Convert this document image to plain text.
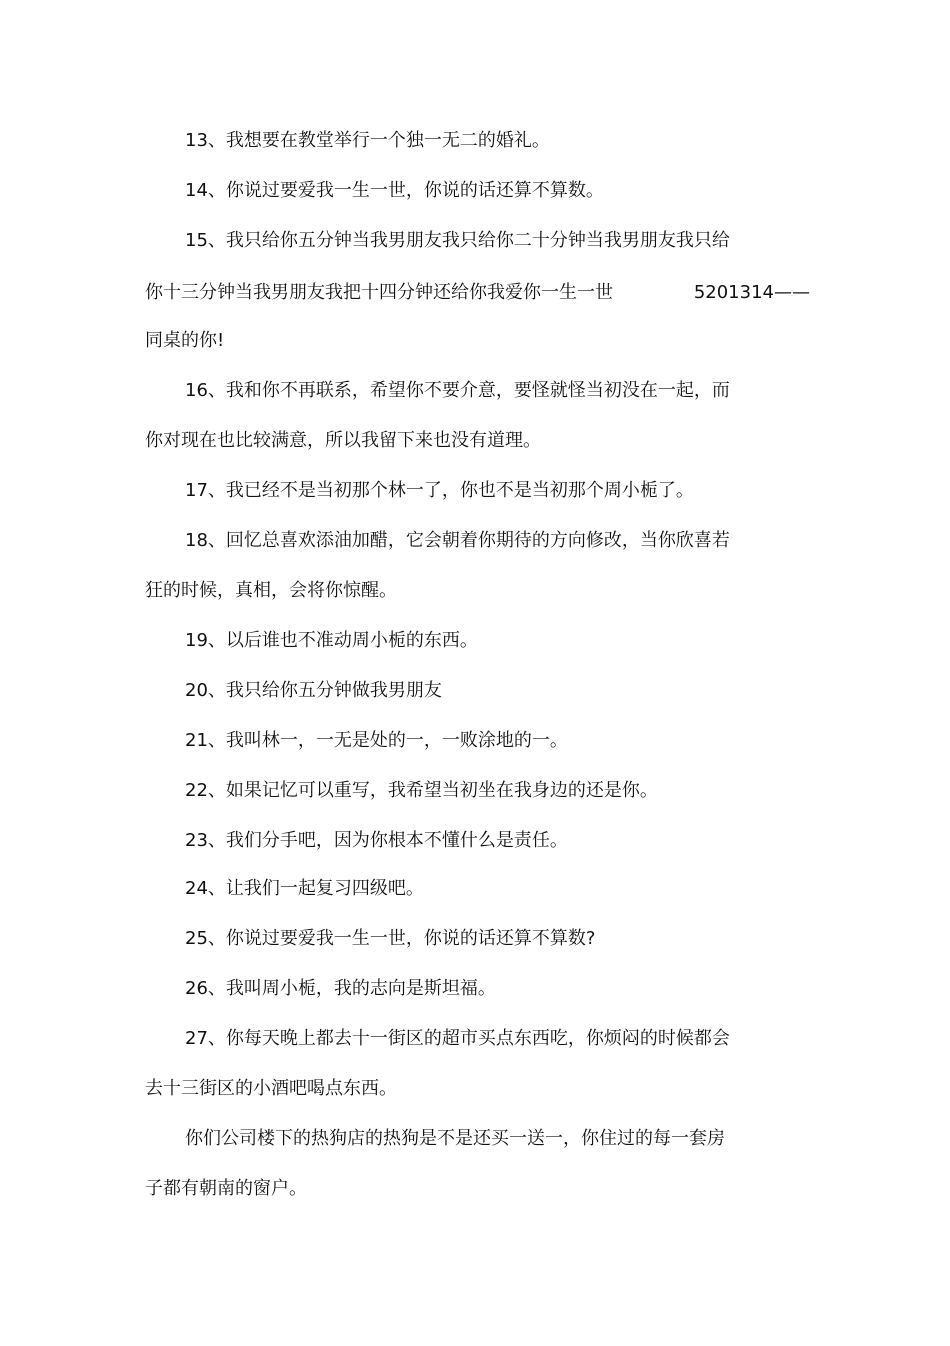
13、我想要在教堂举行一个独一无二的婚礼。
14、你说过要爱我一生一世，你说的话还算不算数。
15、我只给你五分钟当我男朋友我只给你二十分钟当我男朋友我只给
你十三分钟当我男朋友我把十四分钟还给你我爱你一生一世	5201314——
同桌的你!
16、我和你不再联系，希望你不要介意，要怪就怪当初没在一起，而
你对现在也比较满意，所以我留下来也没有道理。
17、我已经不是当初那个林一了，你也不是当初那个周小栀了。
18、回忆总喜欢添油加醋，它会朝着你期待的方向修改，当你欣喜若
狂的时候，真相，会将你惊醒。
19、以后谁也不准动周小栀的东西。
20、我只给你五分钟做我男朋友
21、我叫林一，一无是处的一，一败涂地的一。
22、如果记忆可以重写，我希望当初坐在我身边的还是你。
23、我们分手吧，因为你根本不懂什么是责任。
24、让我们一起复习四级吧。
25、你说过要爱我一生一世，你说的话还算不算数?
26、我叫周小栀，我的志向是斯坦福。
27、你每天晚上都去十一街区的超市买点东西吃，你烦闷的时候都会
去十三街区的小酒吧喝点东西。
你们公司楼下的热狗店的热狗是不是还买一送一，你住过的每一套房
子都有朝南的窗户。
